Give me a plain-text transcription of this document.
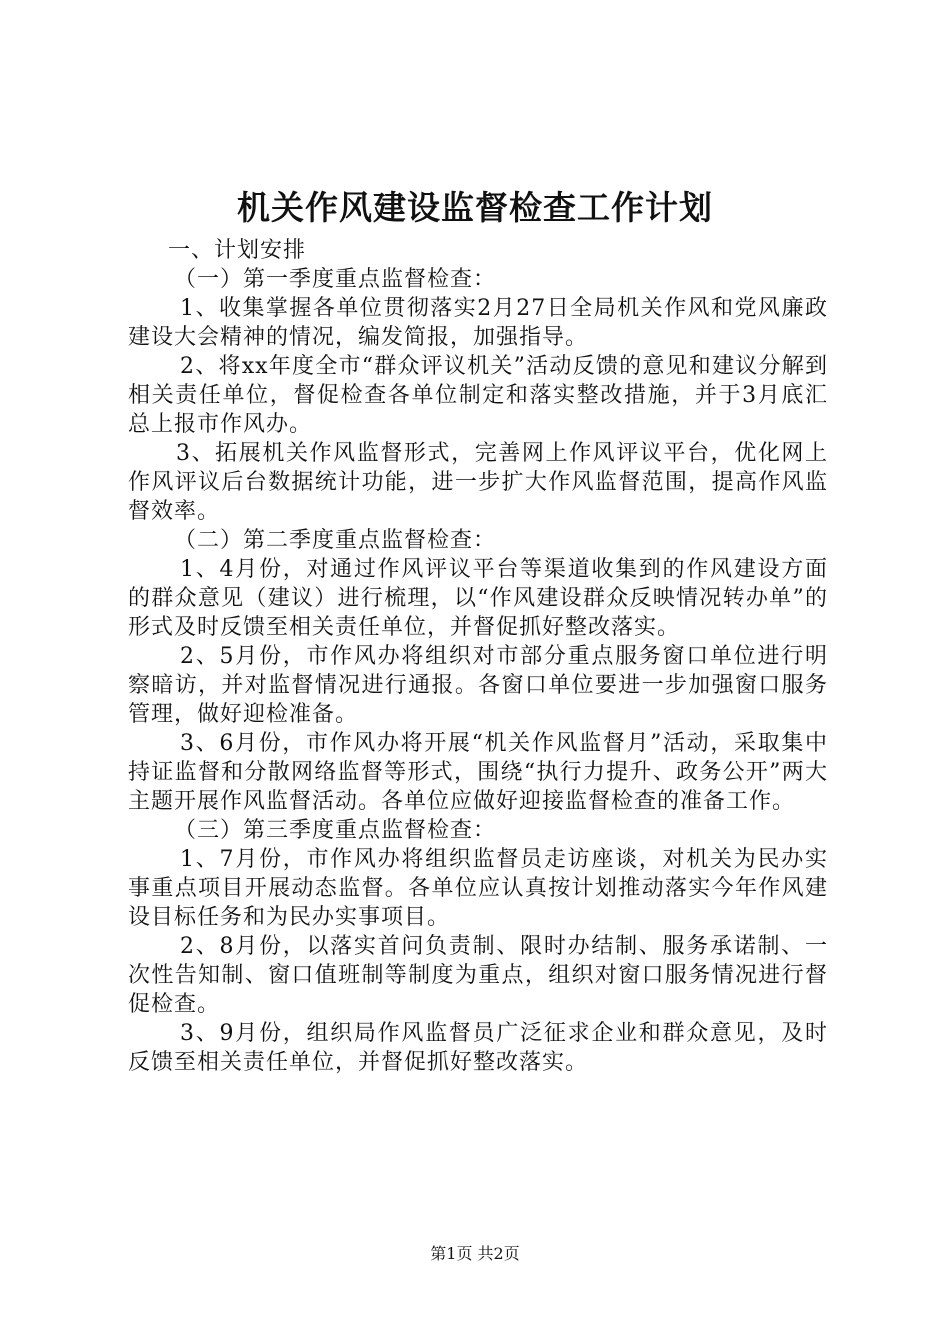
机关作风建设监督检查工作计划

一、计划安排

（一）第一季度重点监督检查：

1、收集掌握各单位贯彻落实2月27日全局机关作风和党风廉政建设大会精神的情况，编发简报，加强指导。

2、将xx年度全市“群众评议机关”活动反馈的意见和建议分解到相关责任单位，督促检查各单位制定和落实整改措施，并于3月底汇总上报市作风办。

3、拓展机关作风监督形式，完善网上作风评议平台，优化网上作风评议后台数据统计功能，进一步扩大作风监督范围，提高作风监督效率。

（二）第二季度重点监督检查：

1、4月份，对通过作风评议平台等渠道收集到的作风建设方面的群众意见（建议）进行梳理，以“作风建设群众反映情况转办单”的形式及时反馈至相关责任单位，并督促抓好整改落实。

2、5月份，市作风办将组织对市部分重点服务窗口单位进行明察暗访，并对监督情况进行通报。各窗口单位要进一步加强窗口服务管理，做好迎检准备。

3、6月份，市作风办将开展“机关作风监督月”活动，采取集中持证监督和分散网络监督等形式，围绕“执行力提升、政务公开”两大主题开展作风监督活动。各单位应做好迎接监督检查的准备工作。

（三）第三季度重点监督检查：

1、7月份，市作风办将组织监督员走访座谈，对机关为民办实事重点项目开展动态监督。各单位应认真按计划推动落实今年作风建设目标任务和为民办实事项目。

2、8月份，以落实首问负责制、限时办结制、服务承诺制、一次性告知制、窗口值班制等制度为重点，组织对窗口服务情况进行督促检查。

3、9月份，组织局作风监督员广泛征求企业和群众意见，及时反馈至相关责任单位，并督促抓好整改落实。

第1页 共2页
